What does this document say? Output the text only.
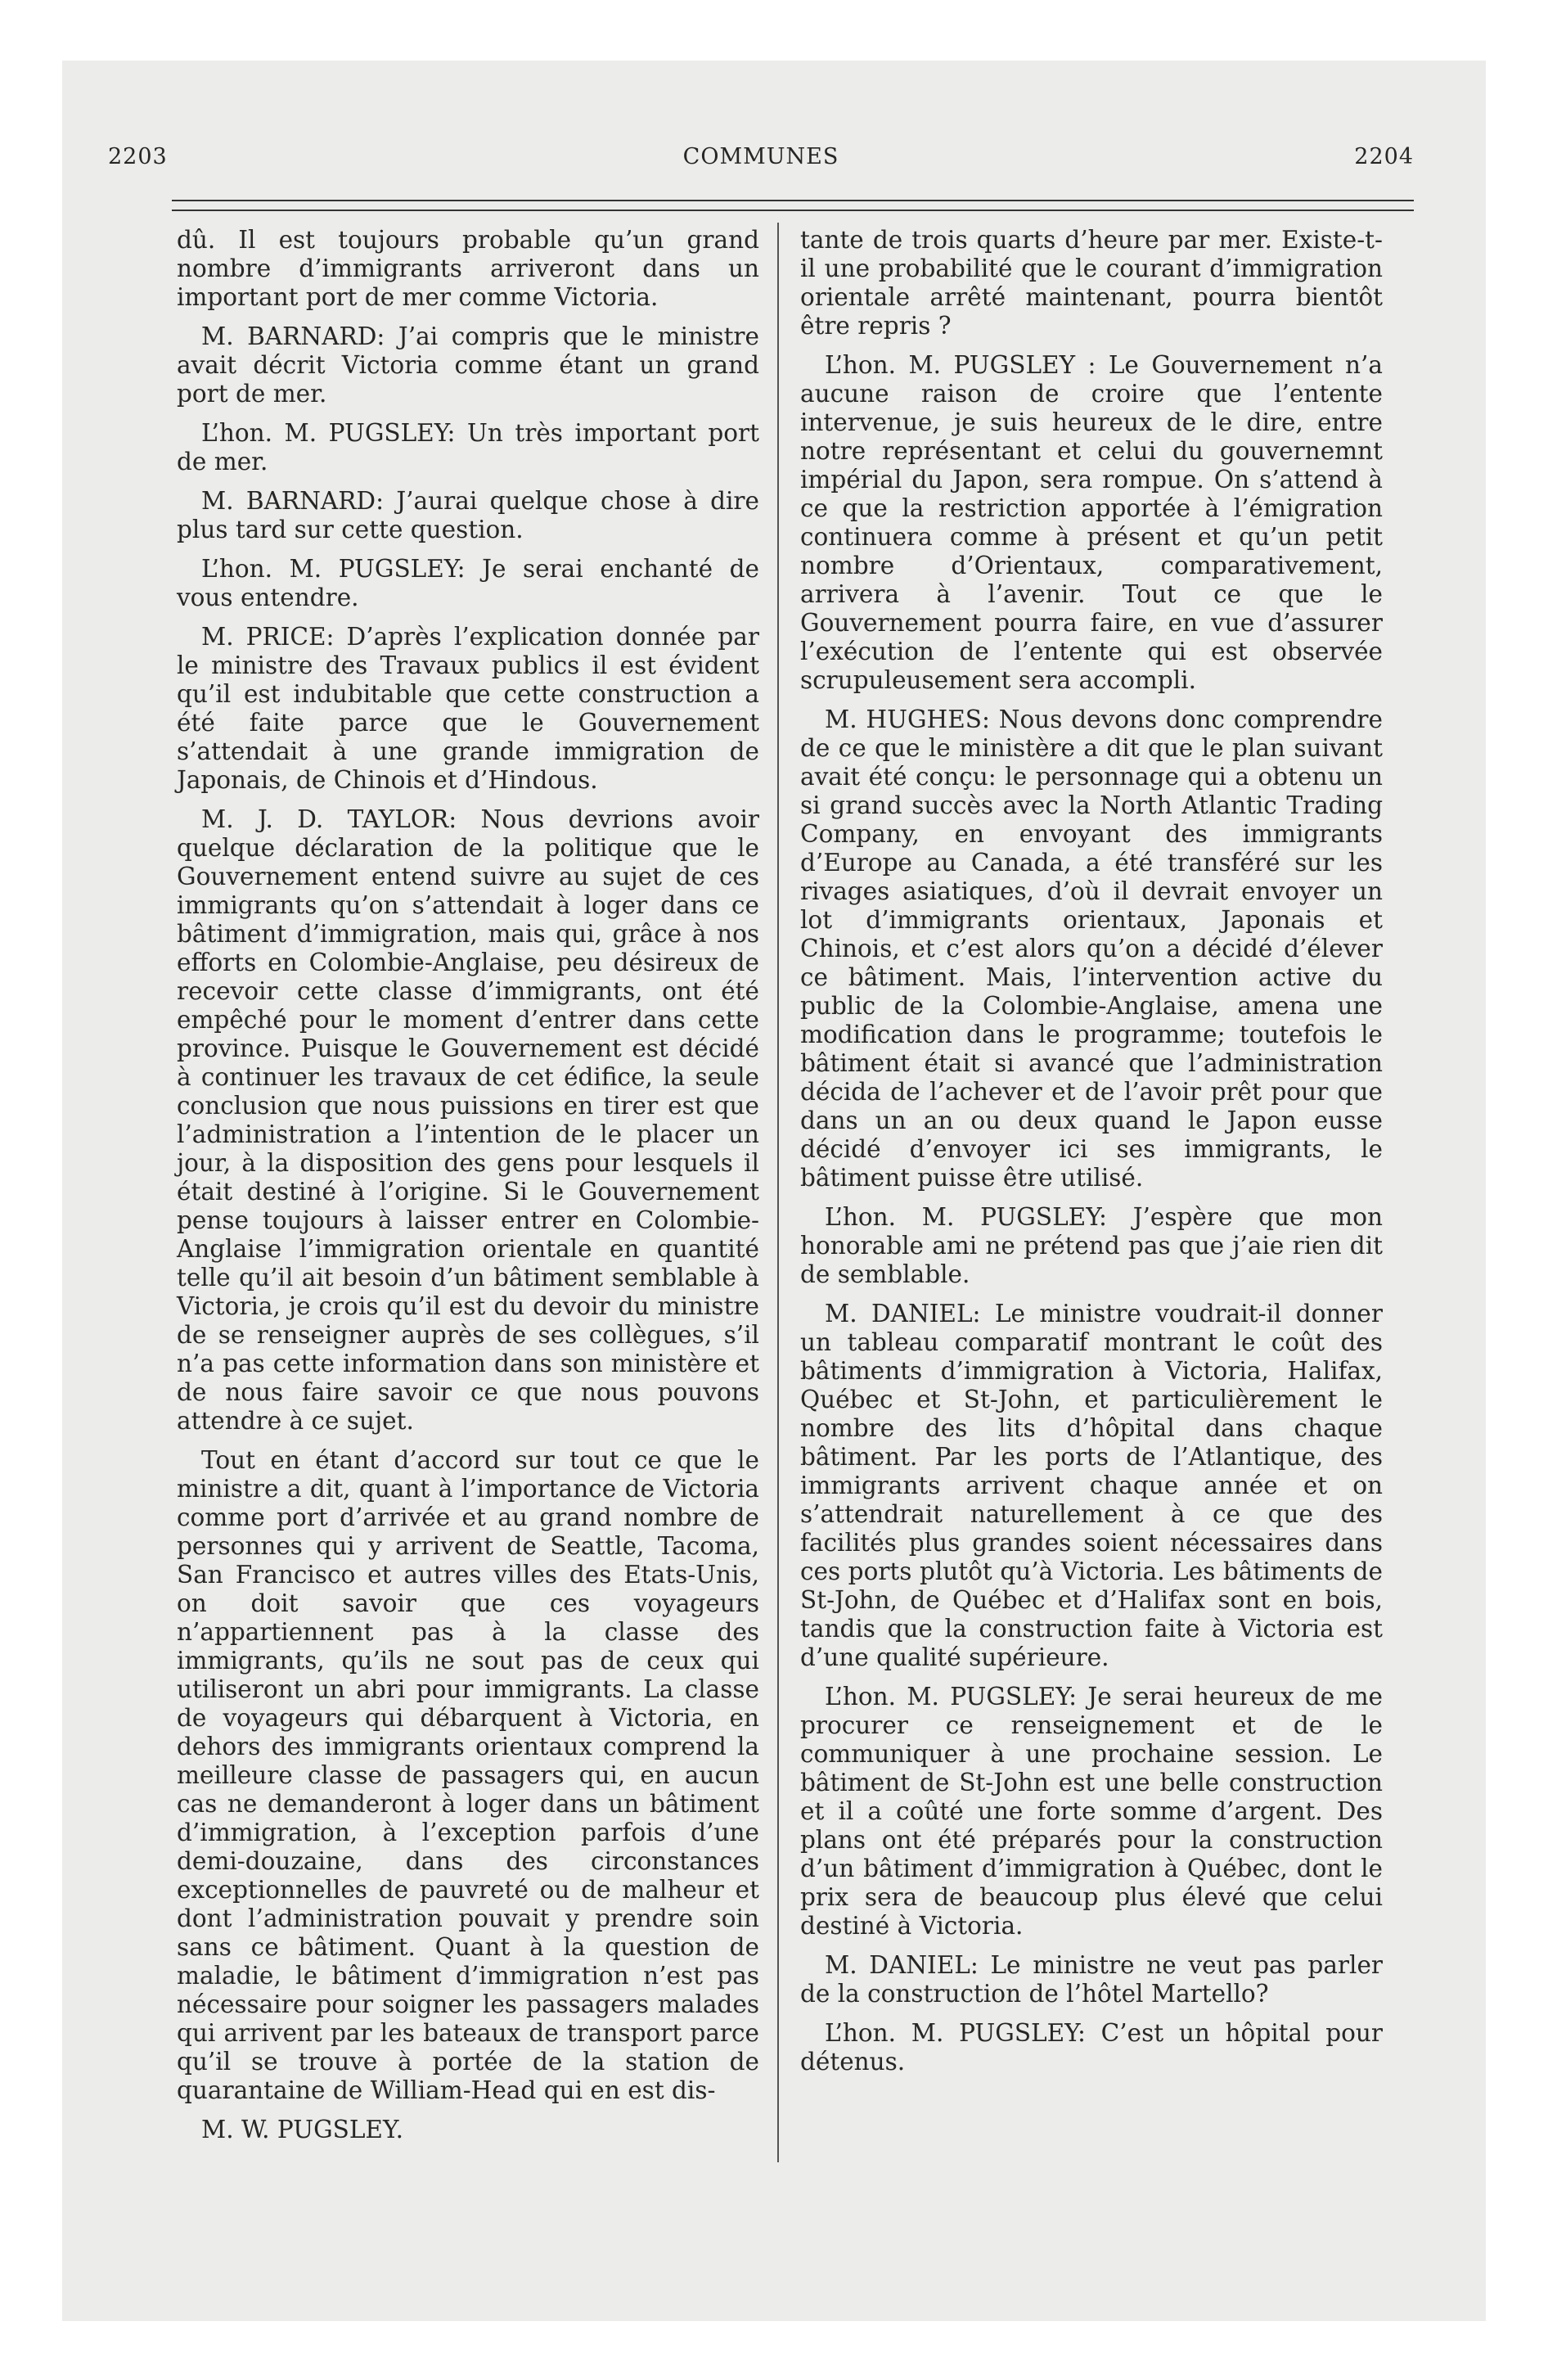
2203	COMMUNES	2204

dû. Il est toujours probable qu’un grand nombre d’immigrants arriveront dans un important port de mer comme Victoria.

M. BARNARD: J’ai compris que le ministre avait décrit Victoria comme étant un grand port de mer.

L’hon. M. PUGSLEY: Un très important port de mer.

M. BARNARD: J’aurai quelque chose à dire plus tard sur cette question.

L’hon. M. PUGSLEY: Je serai enchanté de vous entendre.

M. PRICE: D’après l’explication donnée par le ministre des Travaux publics il est évident qu’il est indubitable que cette construction a été faite parce que le Gouvernement s’attendait à une grande immigration de Japonais, de Chinois et d’Hindous.

M. J. D. TAYLOR: Nous devrions avoir quelque déclaration de la politique que le Gouvernement entend suivre au sujet de ces immigrants qu’on s’attendait à loger dans ce bâtiment d’immigration, mais qui, grâce à nos efforts en Colombie-Anglaise, peu désireux de recevoir cette classe d’immigrants, ont été empêché pour le moment d’entrer dans cette province. Puisque le Gouvernement est décidé à continuer les travaux de cet édifice, la seule conclusion que nous puissions en tirer est que l’administration a l’intention de le placer un jour, à la disposition des gens pour lesquels il était destiné à l’origine. Si le Gouvernement pense toujours à laisser entrer en Colombie-Anglaise l’immigration orientale en quantité telle qu’il ait besoin d’un bâtiment semblable à Victoria, je crois qu’il est du devoir du ministre de se renseigner auprès de ses collègues, s’il n’a pas cette information dans son ministère et de nous faire savoir ce que nous pouvons attendre à ce sujet.

Tout en étant d’accord sur tout ce que le ministre a dit, quant à l’importance de Victoria comme port d’arrivée et au grand nombre de personnes qui y arrivent de Seattle, Tacoma, San Francisco et autres villes des Etats-Unis, on doit savoir que ces voyageurs n’appartiennent pas à la classe des immigrants, qu’ils ne sout pas de ceux qui utiliseront un abri pour immigrants. La classe de voyageurs qui débarquent à Victoria, en dehors des immigrants orientaux comprend la meilleure classe de passagers qui, en aucun cas ne demanderont à loger dans un bâtiment d’immigration, à l’exception parfois d’une demi-douzaine, dans des circonstances exceptionnelles de pauvreté ou de malheur et dont l’administration pouvait y prendre soin sans ce bâtiment. Quant à la question de maladie, le bâtiment d’immigration n’est pas nécessaire pour soigner les passagers malades qui arrivent par les bateaux de transport parce qu’il se trouve à portée de la station de quarantaine de William-Head qui en est dis-

M. W. PUGSLEY.

tante de trois quarts d’heure par mer. Existe-t-il une probabilité que le courant d’immigration orientale arrêté maintenant, pourra bientôt être repris ?

L’hon. M. PUGSLEY : Le Gouvernement n’a aucune raison de croire que l’entente intervenue, je suis heureux de le dire, entre notre représentant et celui du gouvernemnt impérial du Japon, sera rompue. On s’attend à ce que la restriction apportée à l’émigration continuera comme à présent et qu’un petit nombre d’Orientaux, comparativement, arrivera à l’avenir. Tout ce que le Gouvernement pourra faire, en vue d’assurer l’exécution de l’entente qui est observée scrupuleusement sera accompli.

M. HUGHES: Nous devons donc comprendre de ce que le ministère a dit que le plan suivant avait été conçu: le personnage qui a obtenu un si grand succès avec la North Atlantic Trading Company, en envoyant des immigrants d’Europe au Canada, a été transféré sur les rivages asiatiques, d’où il devrait envoyer un lot d’immigrants orientaux, Japonais et Chinois, et c’est alors qu’on a décidé d’élever ce bâtiment. Mais, l’intervention active du public de la Colombie-Anglaise, amena une modification dans le programme; toutefois le bâtiment était si avancé que l’administration décida de l’achever et de l’avoir prêt pour que dans un an ou deux quand le Japon eusse décidé d’envoyer ici ses immigrants, le bâtiment puisse être utilisé.

L’hon. M. PUGSLEY: J’espère que mon honorable ami ne prétend pas que j’aie rien dit de semblable.

M. DANIEL: Le ministre voudrait-il donner un tableau comparatif montrant le coût des bâtiments d’immigration à Victoria, Halifax, Québec et St-John, et particulièrement le nombre des lits d’hôpital dans chaque bâtiment. Par les ports de l’Atlantique, des immigrants arrivent chaque année et on s’attendrait naturellement à ce que des facilités plus grandes soient nécessaires dans ces ports plutôt qu’à Victoria. Les bâtiments de St-John, de Québec et d’Halifax sont en bois, tandis que la construction faite à Victoria est d’une qualité supérieure.

L’hon. M. PUGSLEY: Je serai heureux de me procurer ce renseignement et de le communiquer à une prochaine session. Le bâtiment de St-John est une belle construction et il a coûté une forte somme d’argent. Des plans ont été préparés pour la construction d’un bâtiment d’immigration à Québec, dont le prix sera de beaucoup plus élevé que celui destiné à Victoria.

M. DANIEL: Le ministre ne veut pas parler de la construction de l’hôtel Martello?

L’hon. M. PUGSLEY: C’est un hôpital pour détenus.
